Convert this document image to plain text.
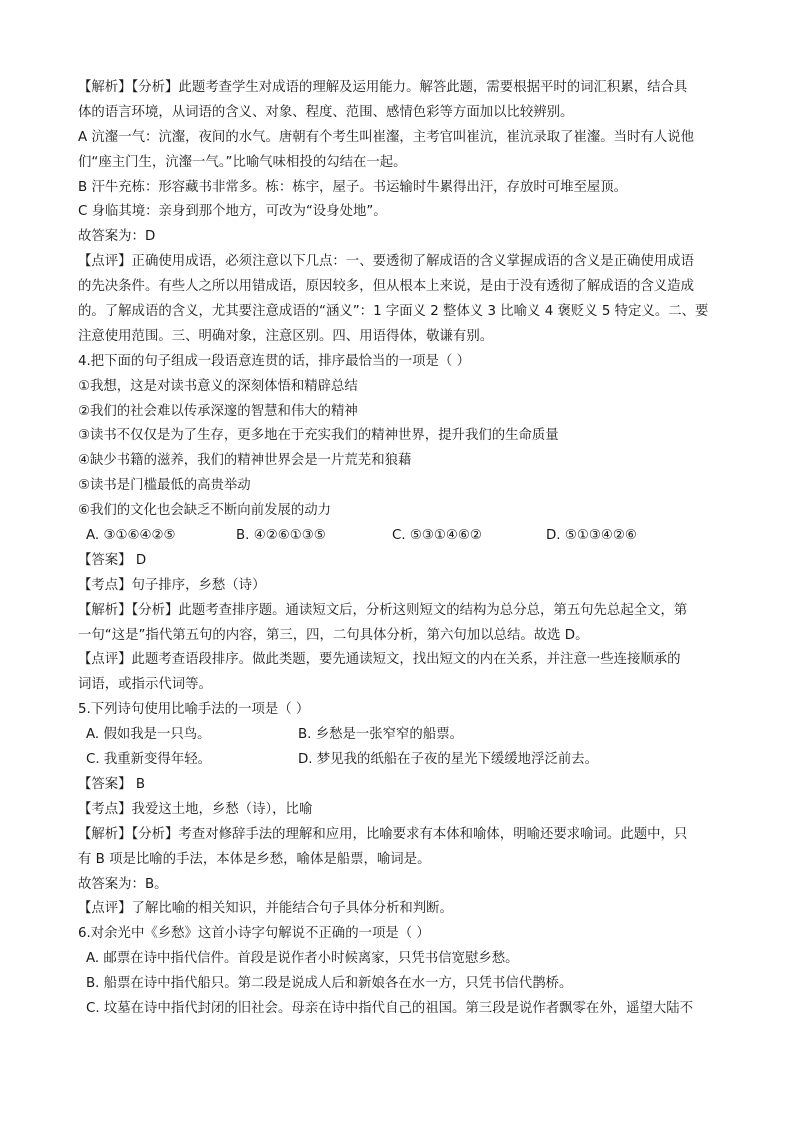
【解析】【分析】此题考查学生对成语的理解及运用能力。解答此题，需要根据平时的词汇积累，结合具
体的语言环境，从词语的含义、对象、程度、范围、感情色彩等方面加以比较辨别。
A 沆瀣一气：沆瀣，夜间的水气。唐朝有个考生叫崔瀣，主考官叫崔沆，崔沆录取了崔瀣。当时有人说他
们“座主门生，沆瀣一气。”比喻气味相投的勾结在一起。
B 汗牛充栋：形容藏书非常多。栋：栋宇，屋子。书运输时牛累得出汗，存放时可堆至屋顶。
C 身临其境：亲身到那个地方，可改为“设身处地”。
故答案为：D
【点评】正确使用成语，必须注意以下几点：一、要透彻了解成语的含义掌握成语的含义是正确使用成语
的先决条件。有些人之所以用错成语，原因较多，但从根本上来说，是由于没有透彻了解成语的含义造成
的。了解成语的含义，尤其要注意成语的“涵义”：1 字面义 2 整体义 3 比喻义 4 褒贬义 5 特定义。二、要
注意使用范围。三、明确对象，注意区别。四、用语得体，敬谦有别。
4.把下面的句子组成一段语意连贯的话，排序最恰当的一项是（ ）
①我想，这是对读书意义的深刻体悟和精辟总结
②我们的社会难以传承深邃的智慧和伟大的精神
③读书不仅仅是为了生存，更多地在于充实我们的精神世界，提升我们的生命质量
④缺少书籍的滋养，我们的精神世界会是一片荒芜和狼藉
⑤读书是门槛最低的高贵举动
⑥我们的文化也会缺乏不断向前发展的动力
A. ③①⑥④②⑤	B. ④②⑥①③⑤	C. ⑤③①④⑥②	D. ⑤①③④②⑥
【答案】 D
【考点】句子排序，乡愁（诗）
【解析】【分析】此题考查排序题。通读短文后，分析这则短文的结构为总分总，第五句先总起全文，第
一句“这是”指代第五句的内容，第三，四，二句具体分析，第六句加以总结。故选 D。
【点评】此题考查语段排序。做此类题，要先通读短文，找出短文的内在关系，并注意一些连接顺承的
词语，或指示代词等。
5.下列诗句使用比喻手法的一项是（ ）
A. 假如我是一只鸟。	B. 乡愁是一张窄窄的船票。
C. 我重新变得年轻。	D. 梦见我的纸船在子夜的星光下缓缓地浮泛前去。
【答案】 B
【考点】我爱这土地，乡愁（诗），比喻
【解析】【分析】考查对修辞手法的理解和应用，比喻要求有本体和喻体，明喻还要求喻词。此题中，只
有 B 项是比喻的手法，本体是乡愁，喻体是船票，喻词是。
故答案为：B。
【点评】了解比喻的相关知识，并能结合句子具体分析和判断。
6.对余光中《乡愁》这首小诗字句解说不正确的一项是（ ）
A. 邮票在诗中指代信件。首段是说作者小时候离家，只凭书信宽慰乡愁。
B. 船票在诗中指代船只。第二段是说成人后和新娘各在水一方，只凭书信代鹊桥。
C. 坟墓在诗中指代封闭的旧社会。母亲在诗中指代自己的祖国。第三段是说作者飘零在外，遥望大陆不
